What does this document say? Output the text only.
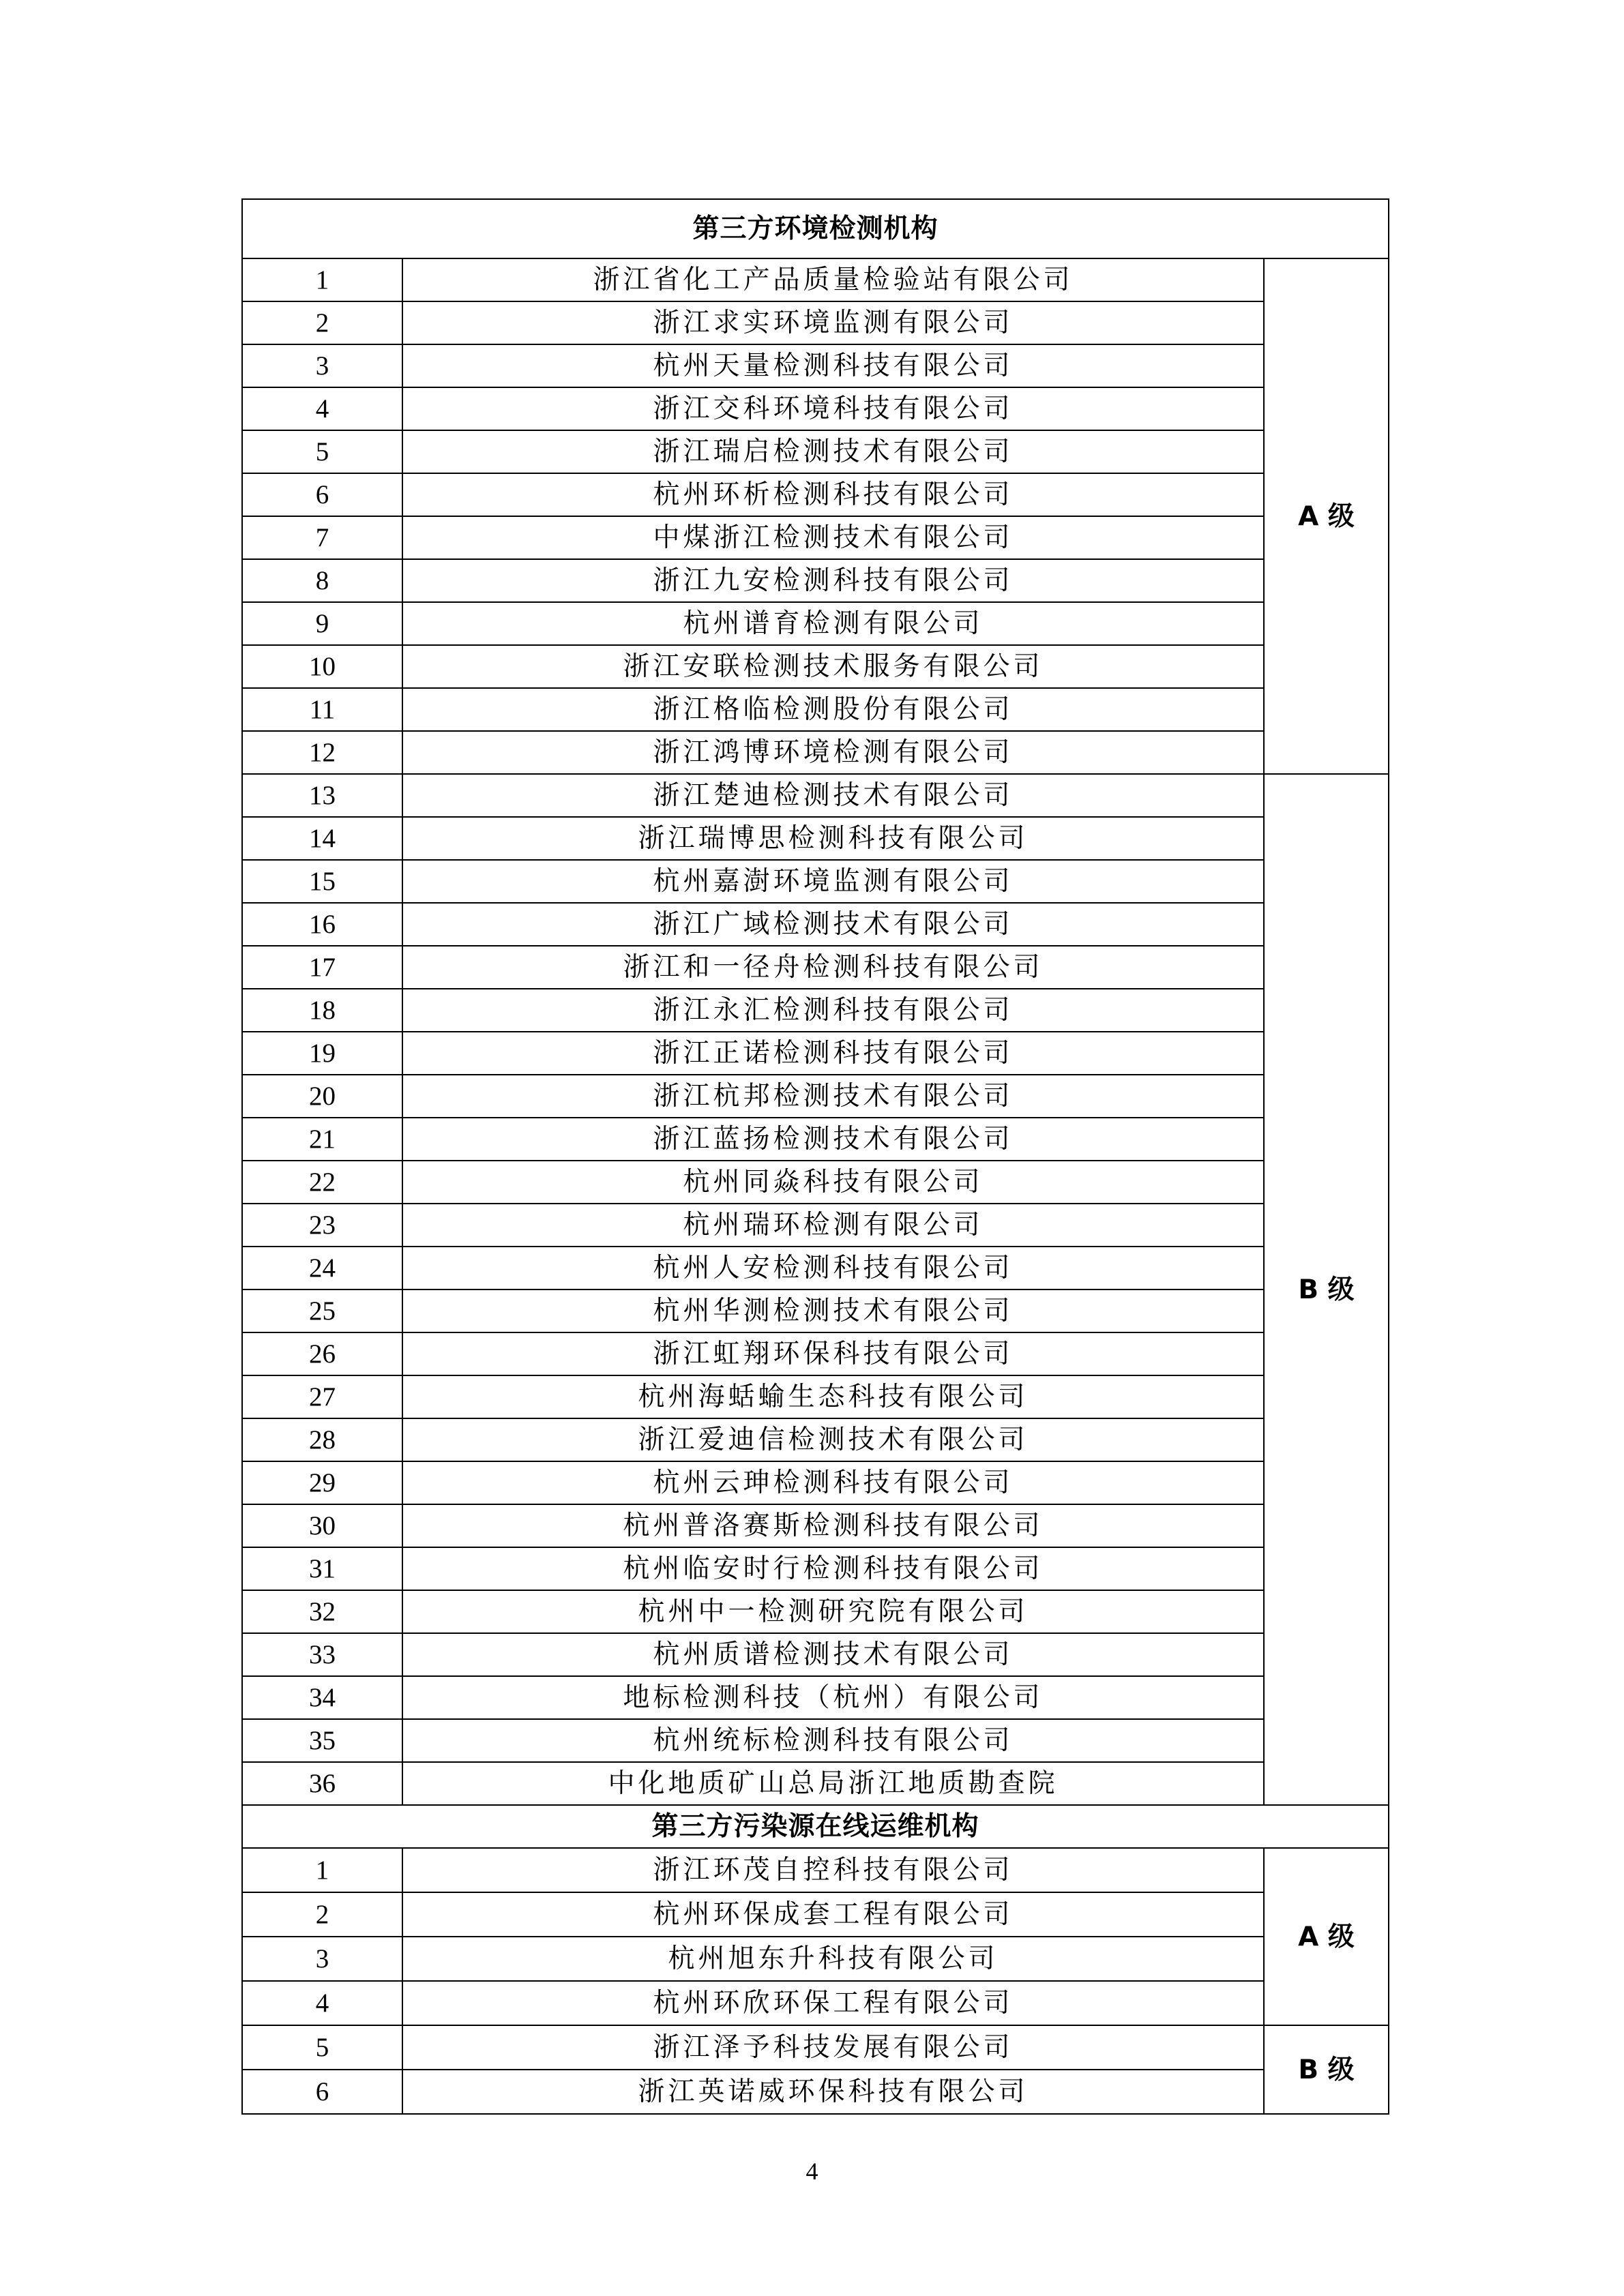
第三方环境检测机构		
1	浙江省化工产品质量检验站有限公司	A 级
2	浙江求实环境监测有限公司	
3	杭州天量检测科技有限公司	
4	浙江交科环境科技有限公司	
5	浙江瑞启检测技术有限公司	
6	杭州环析检测科技有限公司	
7	中煤浙江检测技术有限公司	
8	浙江九安检测科技有限公司	
9	杭州谱育检测有限公司	
10	浙江安联检测技术服务有限公司	
11	浙江格临检测股份有限公司	
12	浙江鸿博环境检测有限公司	
13	浙江楚迪检测技术有限公司	B 级
14	浙江瑞博思检测科技有限公司	
15	杭州嘉澍环境监测有限公司	
16	浙江广域检测技术有限公司	
17	浙江和一径舟检测科技有限公司	
18	浙江永汇检测科技有限公司	
19	浙江正诺检测科技有限公司	
20	浙江杭邦检测技术有限公司	
21	浙江蓝扬检测技术有限公司	
22	杭州同焱科技有限公司	
23	杭州瑞环检测有限公司	
24	杭州人安检测科技有限公司	
25	杭州华测检测技术有限公司	
26	浙江虹翔环保科技有限公司	
27	杭州海蛞蝓生态科技有限公司	
28	浙江爱迪信检测技术有限公司	
29	杭州云珅检测科技有限公司	
30	杭州普洛赛斯检测科技有限公司	
31	杭州临安时行检测科技有限公司	
32	杭州中一检测研究院有限公司	
33	杭州质谱检测技术有限公司	
34	地标检测科技（杭州）有限公司	
35	杭州统标检测科技有限公司	
36	中化地质矿山总局浙江地质勘查院	
第三方污染源在线运维机构		
1	浙江环茂自控科技有限公司	A 级
2	杭州环保成套工程有限公司	
3	杭州旭东升科技有限公司	
4	杭州环欣环保工程有限公司	
5	浙江泽予科技发展有限公司	B 级
6	浙江英诺威环保科技有限公司	
4
